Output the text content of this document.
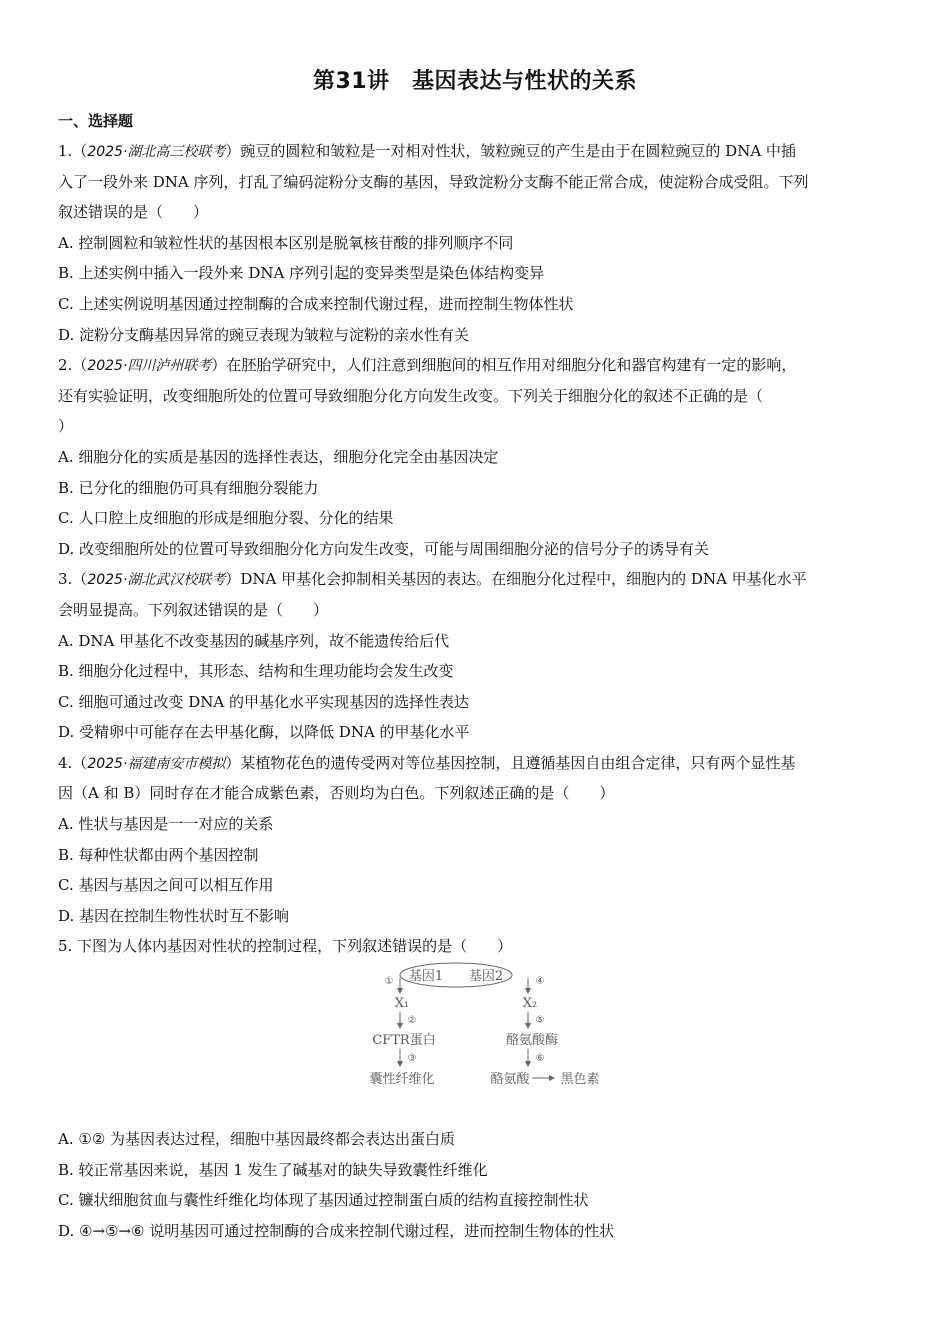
第31讲　基因表达与性状的关系
一、选择题
1.（2025·湖北高三校联考）豌豆的圆粒和皱粒是一对相对性状，皱粒豌豆的产生是由于在圆粒豌豆的 DNA 中插
入了一段外来 DNA 序列，打乱了编码淀粉分支酶的基因，导致淀粉分支酶不能正常合成，使淀粉合成受阻。下列
叙述错误的是（　　）
A. 控制圆粒和皱粒性状的基因根本区别是脱氧核苷酸的排列顺序不同
B. 上述实例中插入一段外来 DNA 序列引起的变异类型是染色体结构变异
C. 上述实例说明基因通过控制酶的合成来控制代谢过程，进而控制生物体性状
D. 淀粉分支酶基因异常的豌豆表现为皱粒与淀粉的亲水性有关
2.（2025·四川泸州联考）在胚胎学研究中，人们注意到细胞间的相互作用对细胞分化和器官构建有一定的影响，
还有实验证明，改变细胞所处的位置可导致细胞分化方向发生改变。下列关于细胞分化的叙述不正确的是（
）
A. 细胞分化的实质是基因的选择性表达，细胞分化完全由基因决定
B. 已分化的细胞仍可具有细胞分裂能力
C. 人口腔上皮细胞的形成是细胞分裂、分化的结果
D. 改变细胞所处的位置可导致细胞分化方向发生改变，可能与周围细胞分泌的信号分子的诱导有关
3.（2025·湖北武汉校联考）DNA 甲基化会抑制相关基因的表达。在细胞分化过程中，细胞内的 DNA 甲基化水平
会明显提高。下列叙述错误的是（　　）
A. DNA 甲基化不改变基因的碱基序列，故不能遗传给后代
B. 细胞分化过程中，其形态、结构和生理功能均会发生改变
C. 细胞可通过改变 DNA 的甲基化水平实现基因的选择性表达
D. 受精卵中可能存在去甲基化酶，以降低 DNA 的甲基化水平
4.（2025·福建南安市模拟）某植物花色的遗传受两对等位基因控制，且遵循基因自由组合定律，只有两个显性基
因（A 和 B）同时存在才能合成紫色素，否则均为白色。下列叙述正确的是（　　）
A. 性状与基因是一一对应的关系
B. 每种性状都由两个基因控制
C. 基因与基因之间可以相互作用
D. 基因在控制生物性状时互不影响
5. 下图为人体内基因对性状的控制过程，下列叙述错误的是（　　）
基因1 基因2
①
X₁
②
CFTR蛋白
③
囊性纤维化
④
X₂
⑤
酪氨酸酶
⑥
酪氨酸 黑色素
A. ①② 为基因表达过程，细胞中基因最终都会表达出蛋白质
B. 较正常基因来说，基因 1 发生了碱基对的缺失导致囊性纤维化
C. 镰状细胞贫血与囊性纤维化均体现了基因通过控制蛋白质的结构直接控制性状
D. ④→⑤→⑥ 说明基因可通过控制酶的合成来控制代谢过程，进而控制生物体的性状
